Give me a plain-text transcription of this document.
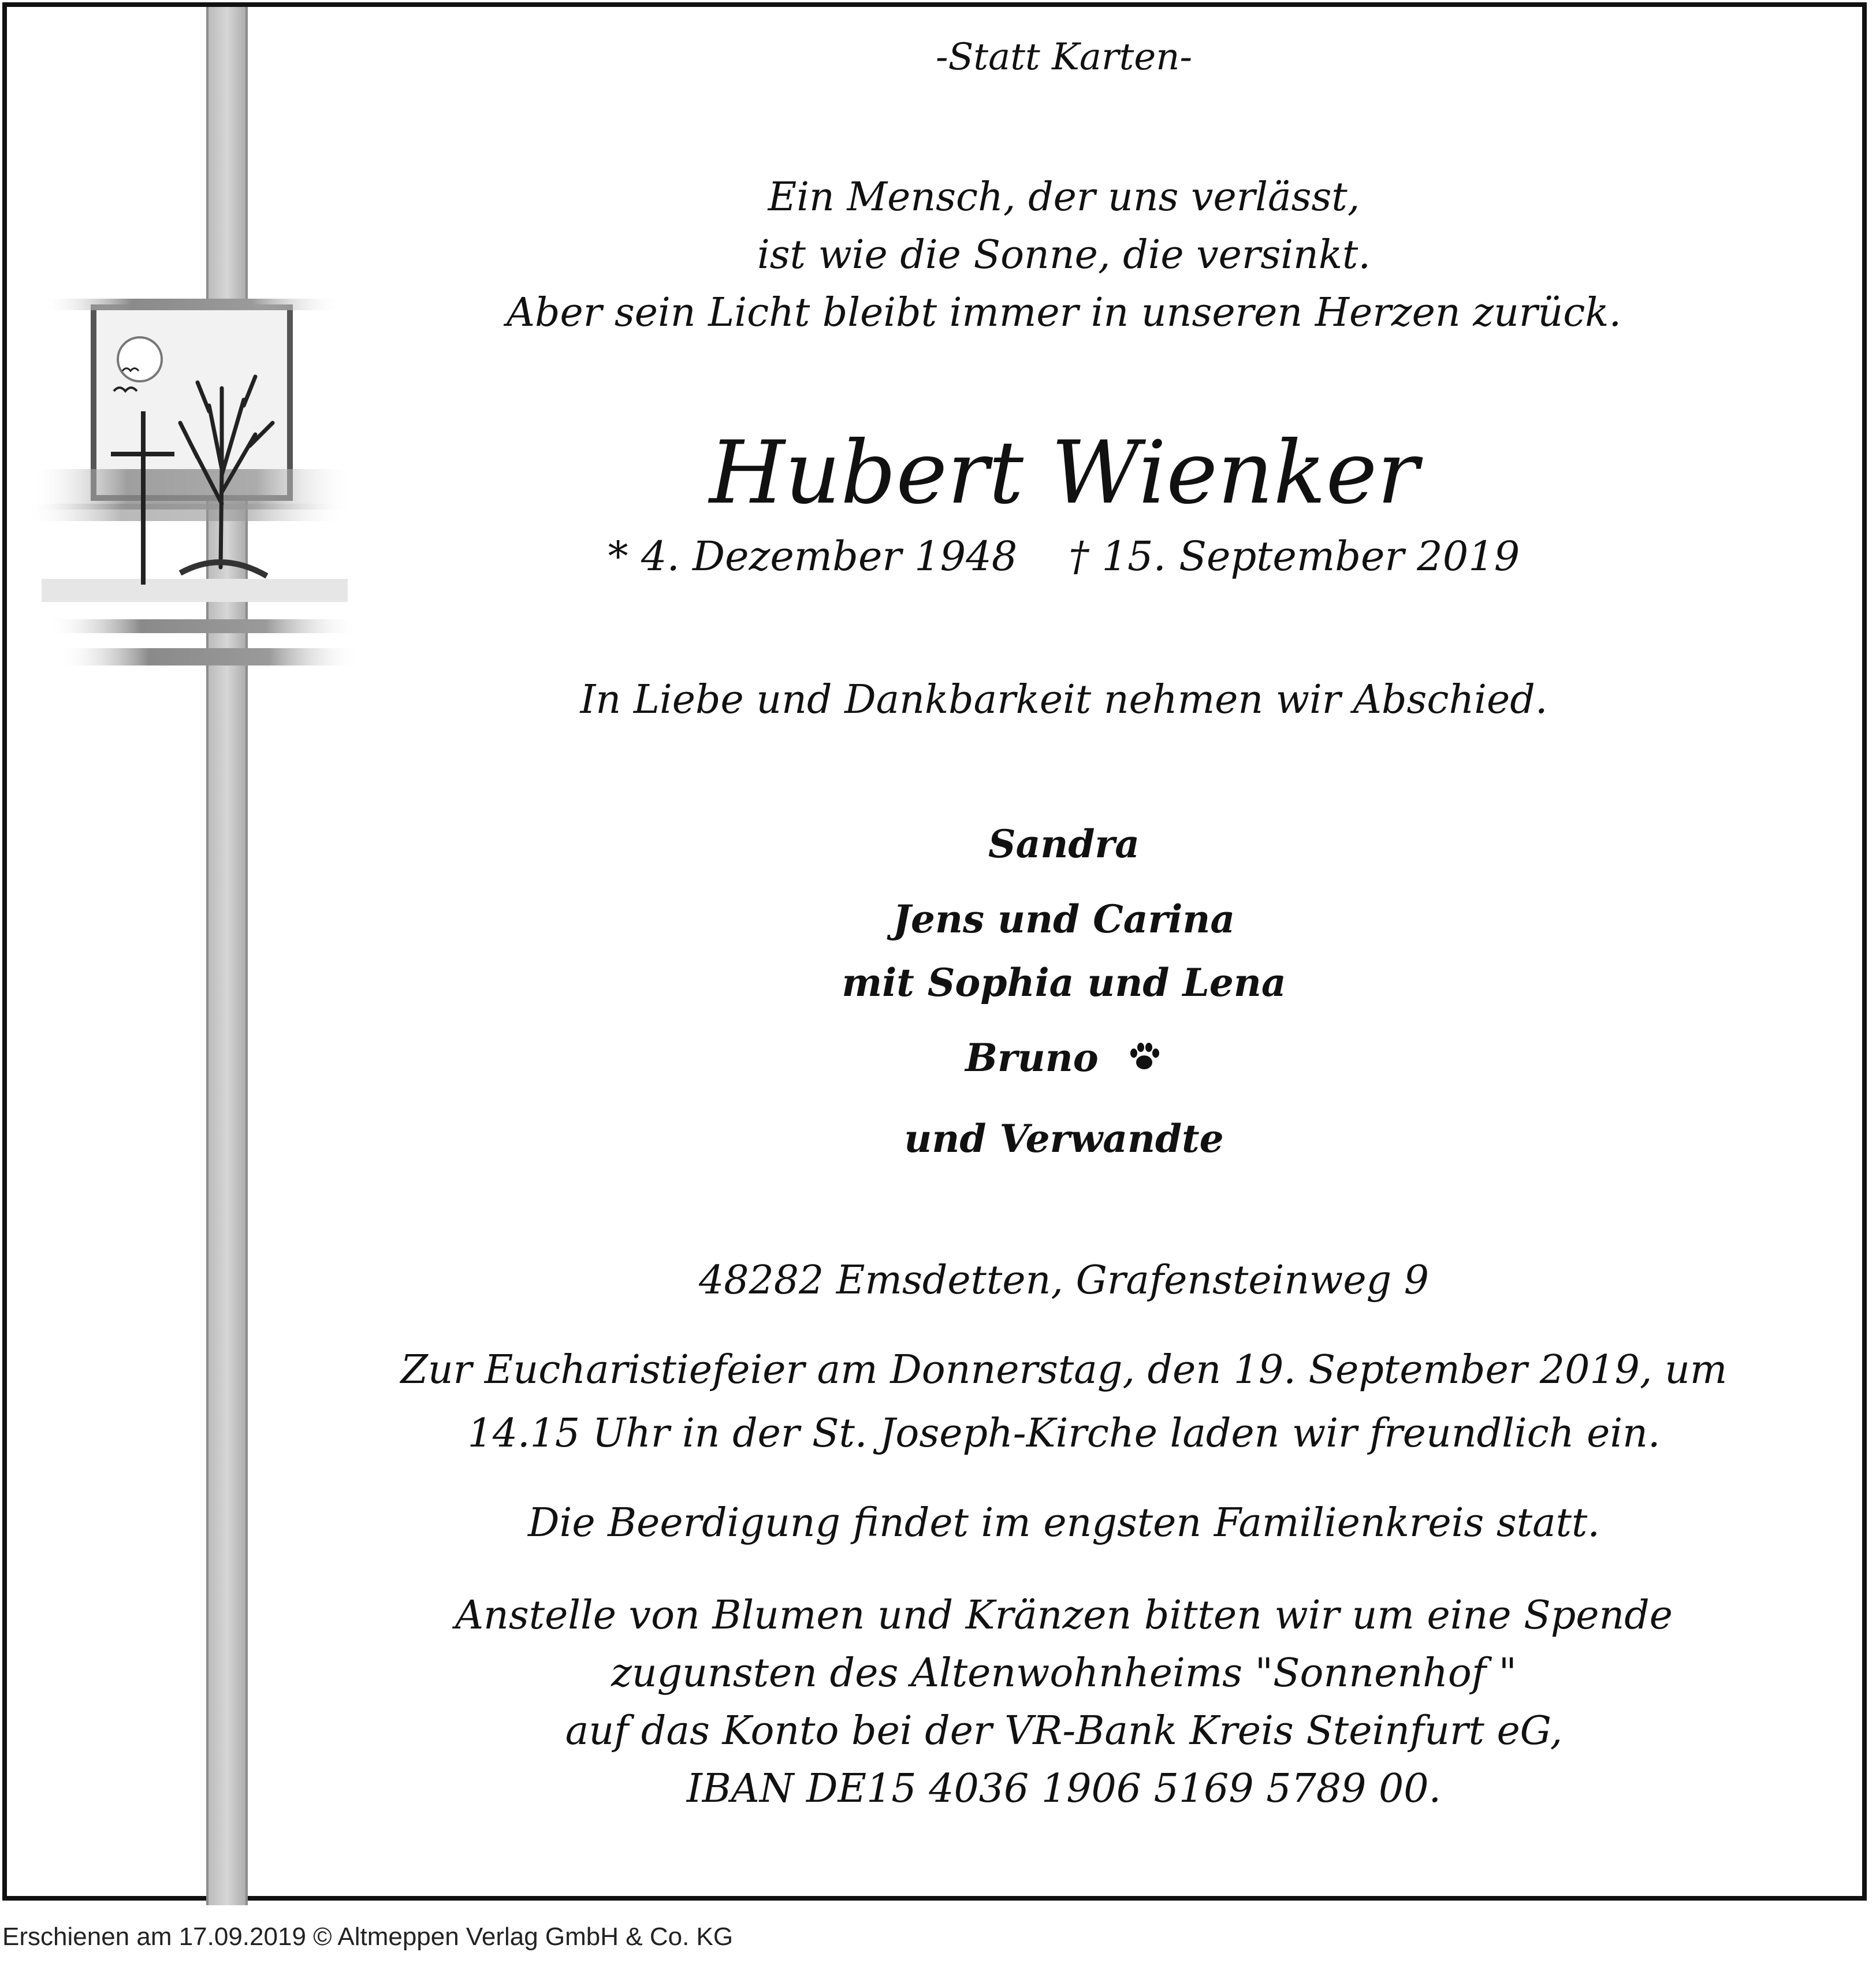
-Statt Karten-

Ein Mensch, der uns verlässt,

ist wie die Sonne, die versinkt.

Aber sein Licht bleibt immer in unseren Herzen zurück.

Hubert Wienker

* 4. Dezember 1948    † 15. September 2019

In Liebe und Dankbarkeit nehmen wir Abschied.

Sandra

Jens und Carina

mit Sophia und Lena

Bruno

und Verwandte

48282 Emsdetten, Grafensteinweg 9

Zur Eucharistiefeier am Donnerstag, den 19. September 2019, um

14.15 Uhr in der St. Joseph-Kirche laden wir freundlich ein.

Die Beerdigung findet im engsten Familienkreis statt.

Anstelle von Blumen und Kränzen bitten wir um eine Spende

zugunsten des Altenwohnheims "Sonnenhof "

auf das Konto bei der VR-Bank Kreis Steinfurt eG,

IBAN DE15 4036 1906 5169 5789 00.

Erschienen am 17.09.2019 © Altmeppen Verlag GmbH & Co. KG
